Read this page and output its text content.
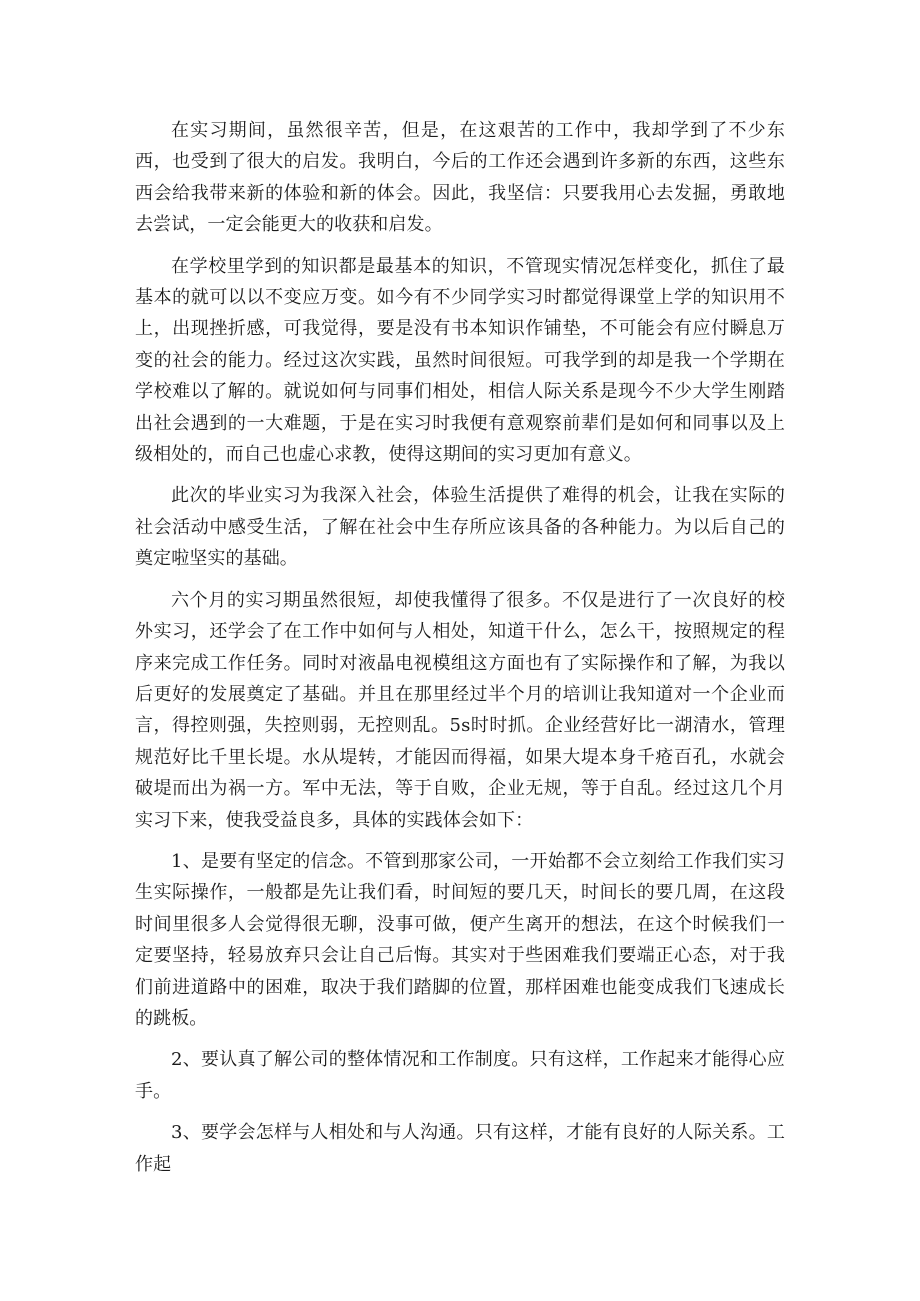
在实习期间，虽然很辛苦，但是，在这艰苦的工作中，我却学到了不少东西，也受到了很大的启发。我明白，今后的工作还会遇到许多新的东西，这些东西会给我带来新的体验和新的体会。因此，我坚信：只要我用心去发掘，勇敢地去尝试，一定会能更大的收获和启发。

在学校里学到的知识都是最基本的知识，不管现实情况怎样变化，抓住了最基本的就可以以不变应万变。如今有不少同学实习时都觉得课堂上学的知识用不上，出现挫折感，可我觉得，要是没有书本知识作铺垫，不可能会有应付瞬息万变的社会的能力。经过这次实践，虽然时间很短。可我学到的却是我一个学期在学校难以了解的。就说如何与同事们相处，相信人际关系是现今不少大学生刚踏出社会遇到的一大难题，于是在实习时我便有意观察前辈们是如何和同事以及上级相处的，而自己也虚心求教，使得这期间的实习更加有意义。

此次的毕业实习为我深入社会，体验生活提供了难得的机会，让我在实际的社会活动中感受生活，了解在社会中生存所应该具备的各种能力。为以后自己的奠定啦坚实的基础。

六个月的实习期虽然很短，却使我懂得了很多。不仅是进行了一次良好的校外实习，还学会了在工作中如何与人相处，知道干什么，怎么干，按照规定的程序来完成工作任务。同时对液晶电视模组这方面也有了实际操作和了解，为我以后更好的发展奠定了基础。并且在那里经过半个月的培训让我知道对一个企业而言，得控则强，失控则弱，无控则乱。5s时时抓。企业经营好比一湖清水，管理规范好比千里长堤。水从堤转，才能因而得福，如果大堤本身千疮百孔，水就会破堤而出为祸一方。军中无法，等于自败，企业无规，等于自乱。经过这几个月实习下来，使我受益良多，具体的实践体会如下：

1、是要有坚定的信念。不管到那家公司，一开始都不会立刻给工作我们实习生实际操作，一般都是先让我们看，时间短的要几天，时间长的要几周，在这段时间里很多人会觉得很无聊，没事可做，便产生离开的想法，在这个时候我们一定要坚持，轻易放弃只会让自己后悔。其实对于些困难我们要端正心态，对于我们前进道路中的困难，取决于我们踏脚的位置，那样困难也能变成我们飞速成长的跳板。

2、要认真了解公司的整体情况和工作制度。只有这样，工作起来才能得心应手。

3、要学会怎样与人相处和与人沟通。只有这样，才能有良好的人际关系。工作起
